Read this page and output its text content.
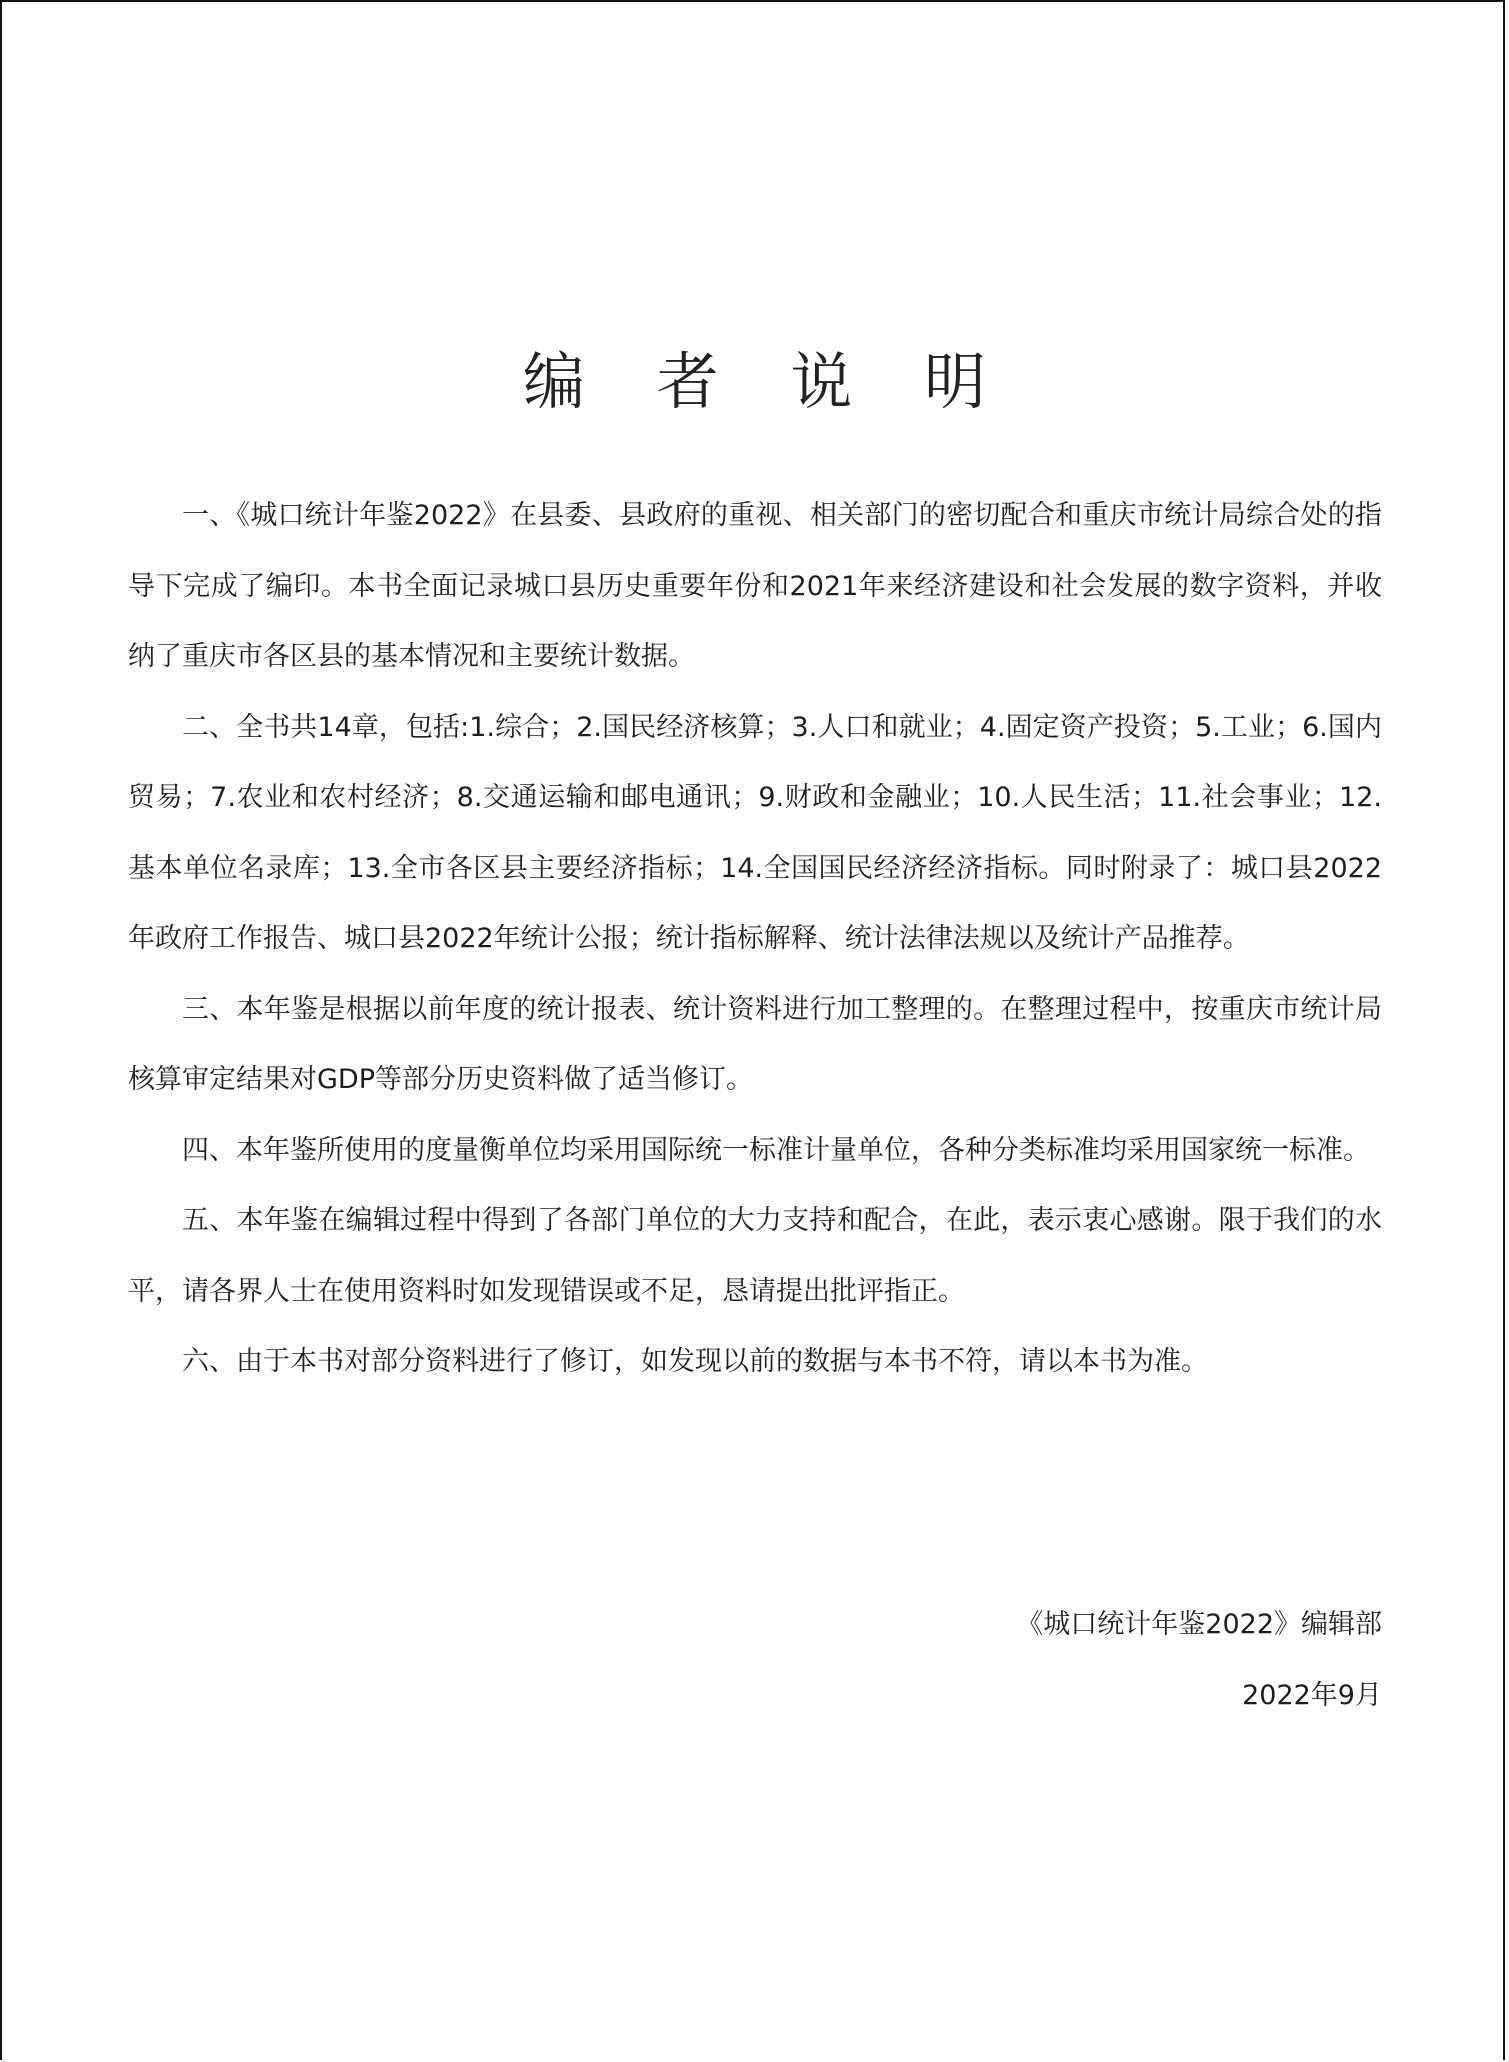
编 者 说 明

一、《城口统计年鉴2022》在县委、县政府的重视、相关部门的密切配合和重庆市统计局综合处的指导下完成了编印。本书全面记录城口县历史重要年份和2021年来经济建设和社会发展的数字资料，并收纳了重庆市各区县的基本情况和主要统计数据。

二、全书共14章，包括:1.综合；2.国民经济核算；3.人口和就业；4.固定资产投资；5.工业；6.国内贸易；7.农业和农村经济；8.交通运输和邮电通讯；9.财政和金融业；10.人民生活；11.社会事业；12.基本单位名录库；13.全市各区县主要经济指标；14.全国国民经济经济指标。同时附录了：城口县2022年政府工作报告、城口县2022年统计公报；统计指标解释、统计法律法规以及统计产品推荐。

三、本年鉴是根据以前年度的统计报表、统计资料进行加工整理的。在整理过程中，按重庆市统计局核算审定结果对GDP等部分历史资料做了适当修订。

四、本年鉴所使用的度量衡单位均采用国际统一标准计量单位，各种分类标准均采用国家统一标准。

五、本年鉴在编辑过程中得到了各部门单位的大力支持和配合，在此，表示衷心感谢。限于我们的水平，请各界人士在使用资料时如发现错误或不足，恳请提出批评指正。

六、由于本书对部分资料进行了修订，如发现以前的数据与本书不符，请以本书为准。

《城口统计年鉴2022》编辑部
2022年9月
